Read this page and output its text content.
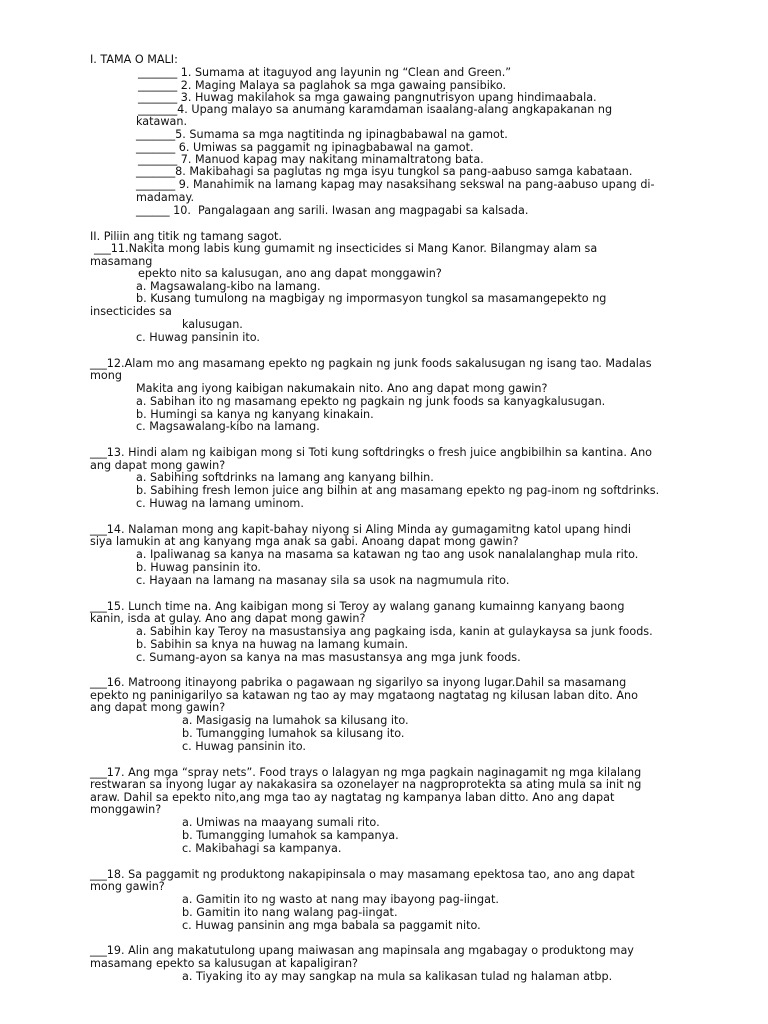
I. TAMA O MALI:
_______ 1. Sumama at itaguyod ang layunin ng “Clean and Green.”
_______ 2. Maging Malaya sa paglahok sa mga gawaing pansibiko.
_______ 3. Huwag makilahok sa mga gawaing pangnutrisyon upang hindimaabala.
_______4. Upang malayo sa anumang karamdaman isaalang-alang angkapakanan ng
katawan.
_______5. Sumama sa mga nagtitinda ng ipinagbabawal na gamot.
_______ 6. Umiwas sa paggamit ng ipinagbabawal na gamot.
_______ 7. Manuod kapag may nakitang minamaltratong bata.
_______8. Makibahagi sa paglutas ng mga isyu tungkol sa pang-aabuso samga kabataan.
_______ 9. Manahimik na lamang kapag may nasaksihang sekswal na pang-aabuso upang di-
madamay.
______ 10.  Pangalagaan ang sarili. Iwasan ang magpagabi sa kalsada.
II. Piliin ang titik ng tamang sagot.
___11.Nakita mong labis kung gumamit ng insecticides si Mang Kanor. Bilangmay alam sa
masamang
epekto nito sa kalusugan, ano ang dapat monggawin?
a. Magsawalang-kibo na lamang.
b. Kusang tumulong na magbigay ng impormasyon tungkol sa masamangepekto ng
insecticides sa
kalusugan.
c. Huwag pansinin ito.
___12.Alam mo ang masamang epekto ng pagkain ng junk foods sakalusugan ng isang tao. Madalas
mong
Makita ang iyong kaibigan nakumakain nito. Ano ang dapat mong gawin?
a. Sabihan ito ng masamang epekto ng pagkain ng junk foods sa kanyagkalusugan.
b. Humingi sa kanya ng kanyang kinakain.
c. Magsawalang-kibo na lamang.
___13. Hindi alam ng kaibigan mong si Toti kung softdringks o fresh juice angbibilhin sa kantina. Ano
ang dapat mong gawin?
a. Sabihing softdrinks na lamang ang kanyang bilhin.
b. Sabihing fresh lemon juice ang bilhin at ang masamang epekto ng pag-inom ng softdrinks.
c. Huwag na lamang uminom.
___14. Nalaman mong ang kapit-bahay niyong si Aling Minda ay gumagamitng katol upang hindi
siya lamukin at ang kanyang mga anak sa gabi. Anoang dapat mong gawin?
a. Ipaliwanag sa kanya na masama sa katawan ng tao ang usok nanalalanghap mula rito.
b. Huwag pansinin ito.
c. Hayaan na lamang na masanay sila sa usok na nagmumula rito.
___15. Lunch time na. Ang kaibigan mong si Teroy ay walang ganang kumainng kanyang baong
kanin, isda at gulay. Ano ang dapat mong gawin?
a. Sabihin kay Teroy na masustansiya ang pagkaing isda, kanin at gulaykaysa sa junk foods.
b. Sabihin sa knya na huwag na lamang kumain.
c. Sumang-ayon sa kanya na mas masustansya ang mga junk foods.
___16. Matroong itinayong pabrika o pagawaan ng sigarilyo sa inyong lugar.Dahil sa masamang
epekto ng paninigarilyo sa katawan ng tao ay may mgataong nagtatag ng kilusan laban dito. Ano
ang dapat mong gawin?
a. Masigasig na lumahok sa kilusang ito.
b. Tumangging lumahok sa kilusang ito.
c. Huwag pansinin ito.
___17. Ang mga “spray nets”. Food trays o lalagyan ng mga pagkain naginagamit ng mga kilalang
restwaran sa inyong lugar ay nakakasira sa ozonelayer na nagproprotekta sa ating mula sa init ng
araw. Dahil sa epekto nito,ang mga tao ay nagtatag ng kampanya laban ditto. Ano ang dapat
monggawin?
a. Umiwas na maayang sumali rito.
b. Tumangging lumahok sa kampanya.
c. Makibahagi sa kampanya.
___18. Sa paggamit ng produktong nakapipinsala o may masamang epektosa tao, ano ang dapat
mong gawin?
a. Gamitin ito ng wasto at nang may ibayong pag-iingat.
b. Gamitin ito nang walang pag-iingat.
c. Huwag pansinin ang mga babala sa paggamit nito.
___19. Alin ang makatutulong upang maiwasan ang mapinsala ang mgabagay o produktong may
masamang epekto sa kalusugan at kapaligiran?
a. Tiyaking ito ay may sangkap na mula sa kalikasan tulad ng halaman atbp.
